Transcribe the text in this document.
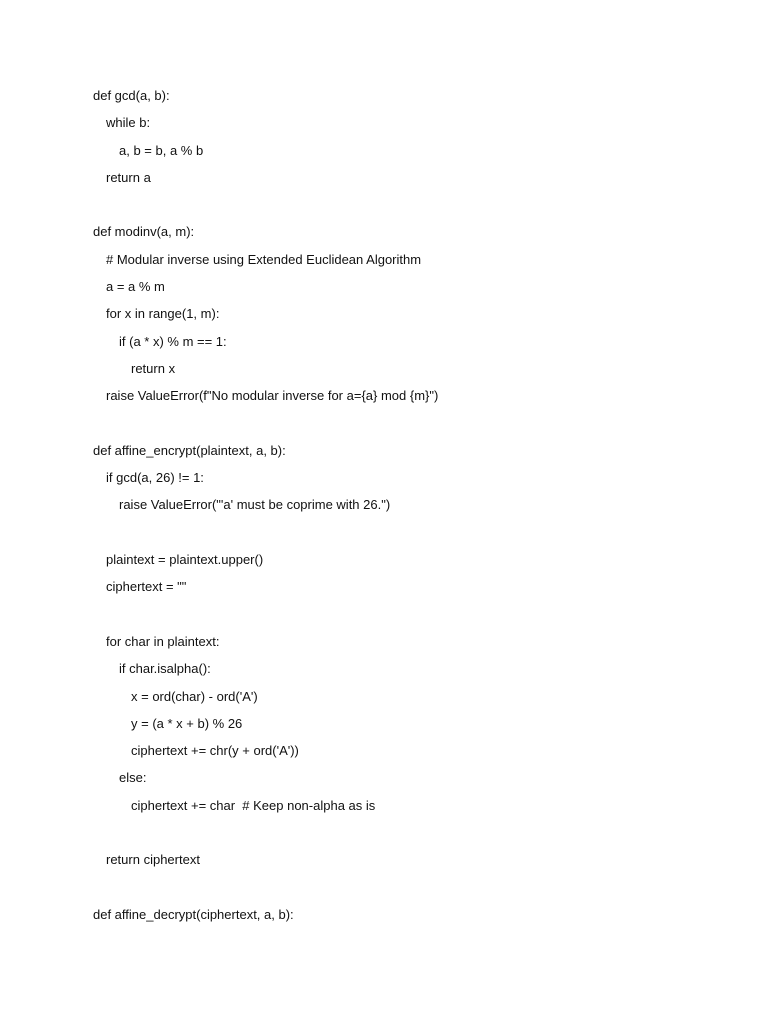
def gcd(a, b):
while b:
a, b = b, a % b
return a
def modinv(a, m):
# Modular inverse using Extended Euclidean Algorithm
a = a % m
for x in range(1, m):
if (a * x) % m == 1:
return x
raise ValueError(f"No modular inverse for a={a} mod {m}")
def affine_encrypt(plaintext, a, b):
if gcd(a, 26) != 1:
raise ValueError("'a' must be coprime with 26.")
plaintext = plaintext.upper()
ciphertext = ""
for char in plaintext:
if char.isalpha():
x = ord(char) - ord('A')
y = (a * x + b) % 26
ciphertext += chr(y + ord('A'))
else:
ciphertext += char  # Keep non-alpha as is
return ciphertext
def affine_decrypt(ciphertext, a, b):
